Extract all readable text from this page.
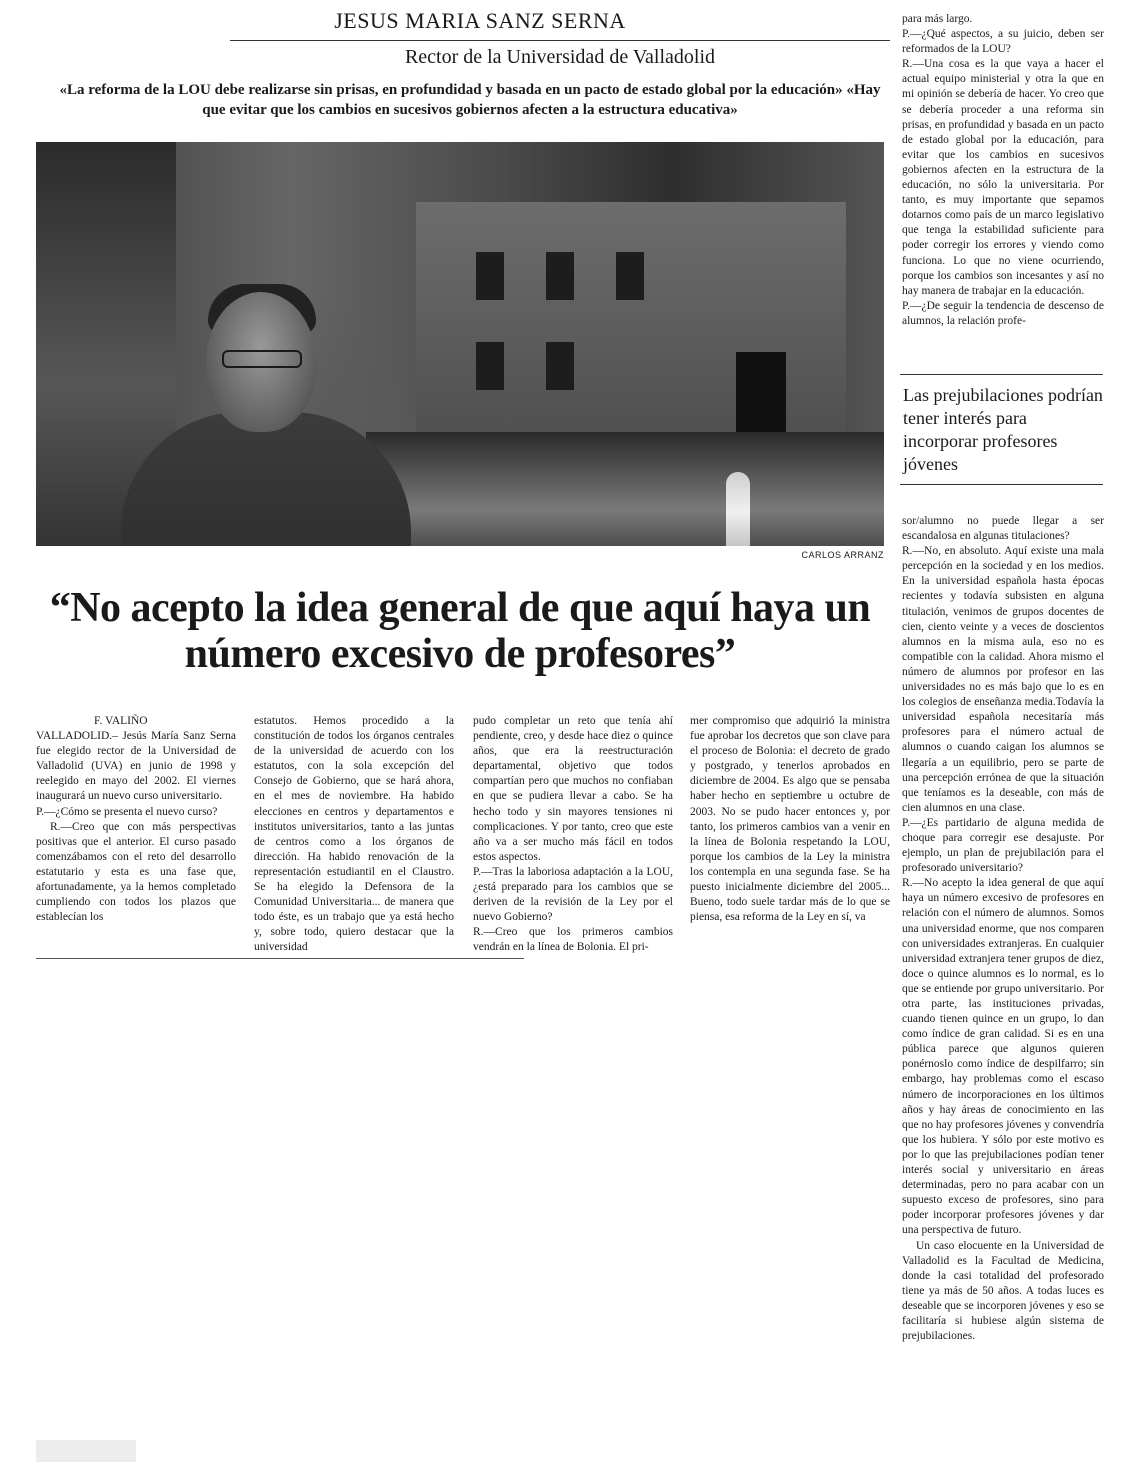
JESUS MARIA SANZ SERNA
Rector de la Universidad de Valladolid
«La reforma de la LOU debe realizarse sin prisas, en profundidad y basada en un pacto de estado global por la educación» «Hay que evitar que los cambios en sucesivos gobiernos afecten a la estructura educativa»
CARLOS ARRANZ
“No acepto la idea general de que aquí haya un número excesivo de profesores”

F. VALIÑO

VALLADOLID.– Jesús María Sanz Serna fue elegido rector de la Universidad de Valladolid (UVA) en junio de 1998 y reelegido en mayo del 2002. El viernes inaugurará un nuevo curso universitario.

P.—¿Cómo se presenta el nuevo curso?

R.—Creo que con más perspectivas positivas que el anterior. El curso pasado comenzábamos con el reto del desarrollo estatutario y esta es una fase que, afortunadamente, ya la hemos completado cumpliendo con todos los plazos que establecían los

estatutos. Hemos procedido a la constitución de todos los órganos centrales de la universidad de acuerdo con los estatutos, con la sola excepción del Consejo de Gobierno, que se hará ahora, en el mes de noviembre. Ha habido elecciones en centros y departamentos e institutos universitarios, tanto a las juntas de centros como a los órganos de dirección. Ha habido renovación de la representación estudiantil en el Claustro. Se ha elegido la Defensora de la Comunidad Universitaria... de manera que todo éste, es un trabajo que ya está hecho y, sobre todo, quiero destacar que la universidad

pudo completar un reto que tenía ahí pendiente, creo, y desde hace diez o quince años, que era la reestructuración departamental, objetivo que todos compartían pero que muchos no confiaban en que se pudiera llevar a cabo. Se ha hecho todo y sin mayores tensiones ni complicaciones. Y por tanto, creo que este año va a ser mucho más fácil en todos estos aspectos.

P.—Tras la laboriosa adaptación a la LOU, ¿está preparado para los cambios que se deriven de la revisión de la Ley por el nuevo Gobierno?

R.—Creo que los primeros cambios vendrán en la línea de Bolonia. El pri-

mer compromiso que adquirió la ministra fue aprobar los decretos que son clave para el proceso de Bolonia: el decreto de grado y postgrado, y tenerlos aprobados en diciembre de 2004. Es algo que se pensaba haber hecho en septiembre u octubre de 2003. No se pudo hacer entonces y, por tanto, los primeros cambios van a venir en la línea de Bolonia respetando la LOU, porque los cambios de la Ley la ministra los contempla en una segunda fase. Se ha puesto inicialmente diciembre del 2005... Bueno, todo suele tardar más de lo que se piensa, esa reforma de la Ley en sí, va

para más largo.

P.—¿Qué aspectos, a su juicio, deben ser reformados de la LOU?

R.—Una cosa es la que vaya a hacer el actual equipo ministerial y otra la que en mi opinión se debería de hacer. Yo creo que se debería proceder a una reforma sin prisas, en profundidad y basada en un pacto de estado global por la educación, para evitar que los cambios en sucesivos gobiernos afecten en la estructura de la educación, no sólo la universitaria. Por tanto, es muy importante que sepamos dotarnos como país de un marco legislativo que tenga la estabilidad suficiente para poder corregir los errores y viendo como funciona. Lo que no viene ocurriendo, porque los cambios son incesantes y así no hay manera de trabajar en la educación.

P.—¿De seguir la tendencia de descenso de alumnos, la relación profe-

Las prejubilaciones podrían tener interés para incorporar profesores jóvenes

sor/alumno no puede llegar a ser escandalosa en algunas titulaciones?

R.—No, en absoluto. Aquí existe una mala percepción en la sociedad y en los medios. En la universidad española hasta épocas recientes y todavía subsisten en alguna titulación, venimos de grupos docentes de cien, ciento veinte y a veces de doscientos alumnos en la misma aula, eso no es compatible con la calidad. Ahora mismo el número de alumnos por profesor en las universidades no es más bajo que lo es en los colegios de enseñanza media.Todavía la universidad española necesitaría más profesores para el número actual de alumnos o cuando caigan los alumnos se llegaría a un equilibrio, pero se parte de una percepción errónea de que la situación que teníamos es la deseable, con más de cien alumnos en una clase.

P.—¿Es partidario de alguna medida de choque para corregir ese desajuste. Por ejemplo, un plan de prejubilación para el profesorado universitario?

R.—No acepto la idea general de que aquí haya un número excesivo de profesores en relación con el número de alumnos. Somos una universidad enorme, que nos comparen con universidades extranjeras. En cualquier universidad extranjera tener grupos de diez, doce o quince alumnos es lo normal, es lo que se entiende por grupo universitario. Por otra parte, las instituciones privadas, cuando tienen quince en un grupo, lo dan como índice de gran calidad. Si es en una pública parece que algunos quieren ponérnoslo como índice de despilfarro; sin embargo, hay problemas como el escaso número de incorporaciones en los últimos años y hay áreas de conocimiento en las que no hay profesores jóvenes y convendría que los hubiera. Y sólo por este motivo es por lo que las prejubilaciones podían tener interés social y universitario en áreas determinadas, pero no para acabar con un supuesto exceso de profesores, sino para poder incorporar profesores jóvenes y dar una perspectiva de futuro.

Un caso elocuente en la Universidad de Valladolid es la Facultad de Medicina, donde la casi totalidad del profesorado tiene ya más de 50 años. A todas luces es deseable que se incorporen jóvenes y eso se facilitaría si hubiese algún sistema de prejubilaciones.
